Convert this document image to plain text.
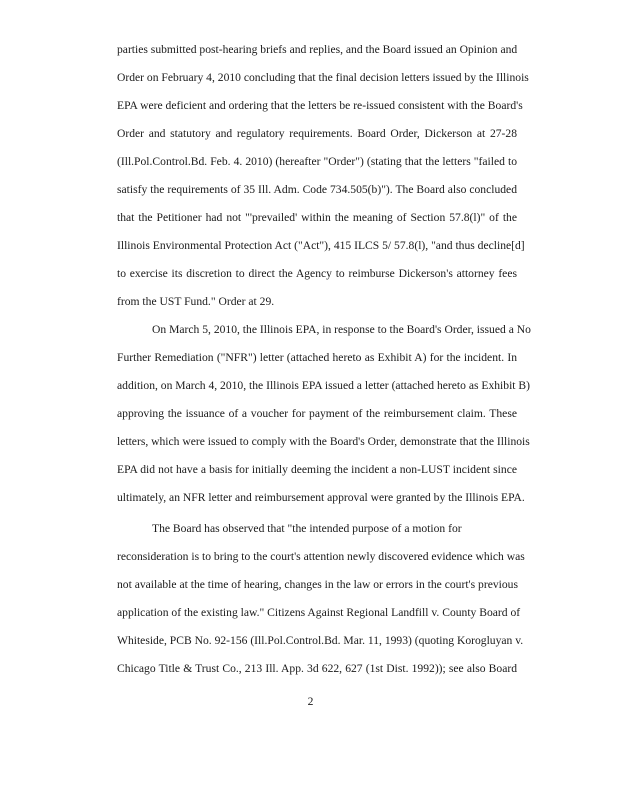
parties submitted post-hearing briefs and replies, and the Board issued an Opinion and
Order on February 4, 2010 concluding that the final decision letters issued by the Illinois
EPA were deficient and ordering that the letters be re-issued consistent with the Board's
Order and statutory and regulatory requirements. Board Order, Dickerson at 27-28
(Ill.Pol.Control.Bd. Feb. 4. 2010) (hereafter "Order") (stating that the letters "failed to
satisfy the requirements of 35 Ill. Adm. Code 734.505(b)"). The Board also concluded
that the Petitioner had not "'prevailed' within the meaning of Section 57.8(l)" of the
Illinois Environmental Protection Act ("Act"), 415 ILCS 5/ 57.8(l), "and thus decline[d]
to exercise its discretion to direct the Agency to reimburse Dickerson's attorney fees
from the UST Fund." Order at 29.
On March 5, 2010, the Illinois EPA, in response to the Board's Order, issued a No
Further Remediation ("NFR") letter (attached hereto as Exhibit A) for the incident. In
addition, on March 4, 2010, the Illinois EPA issued a letter (attached hereto as Exhibit B)
approving the issuance of a voucher for payment of the reimbursement claim. These
letters, which were issued to comply with the Board's Order, demonstrate that the Illinois
EPA did not have a basis for initially deeming the incident a non-LUST incident since
ultimately, an NFR letter and reimbursement approval were granted by the Illinois EPA.
The Board has observed that "the intended purpose of a motion for
reconsideration is to bring to the court's attention newly discovered evidence which was
not available at the time of hearing, changes in the law or errors in the court's previous
application of the existing law." Citizens Against Regional Landfill v. County Board of
Whiteside, PCB No. 92-156 (Ill.Pol.Control.Bd. Mar. 11, 1993) (quoting Korogluyan v.
Chicago Title & Trust Co., 213 Ill. App. 3d 622, 627 (1st Dist. 1992)); see also Board
2
